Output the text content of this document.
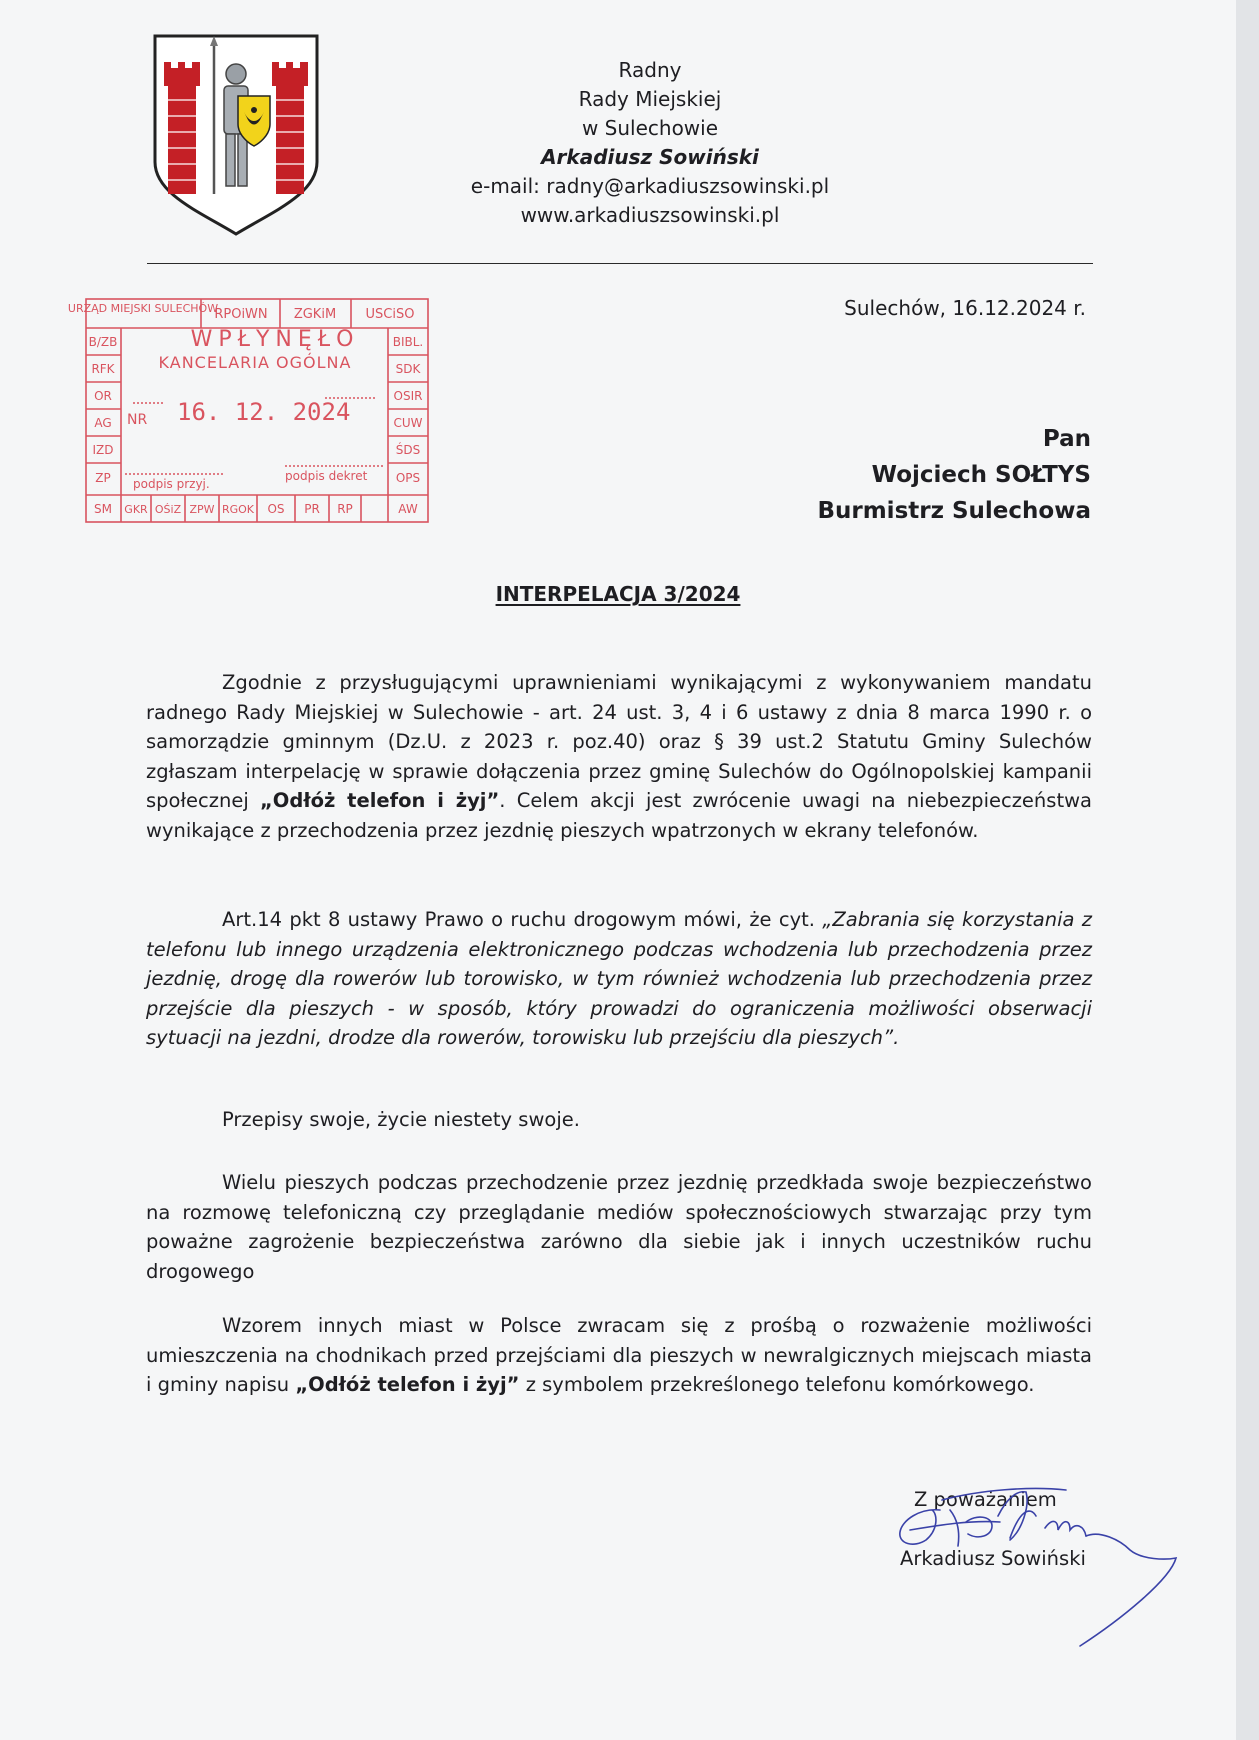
Radny
Rady Miejskiej
w Sulechowie
Arkadiusz Sowiński
e-mail: radny@arkadiuszsowinski.pl
www.arkadiuszsowinski.pl
URZĄD MIEJSKI SULECHÓW
RPOiWN ZGKiM USCiSO
B/ZB
RFK
OR
AG
IZD
ZP
SM
BIBL.
SDK
OSIR
CUW
ŚDS
OPS
AW
GKR OŚiZ ZPW RGOK OS PR RP
WPŁYNĘŁO
KANCELARIA OGÓLNA
NR 16. 12. 2024
podpis przyj.
podpis dekret
Sulechów, 16.12.2024 r.
Pan
Wojciech SOŁTYS
Burmistrz Sulechowa
INTERPELACJA 3/2024

Zgodnie z przysługującymi uprawnieniami wynikającymi z wykonywaniem mandatu radnego Rady Miejskiej w Sulechowie - art. 24 ust. 3, 4 i 6 ustawy z dnia 8 marca 1990 r. o samorządzie gminnym (Dz.U. z 2023 r. poz.40) oraz § 39 ust.2 Statutu Gminy Sulechów zgłaszam interpelację w sprawie dołączenia przez gminę Sulechów do Ogólnopolskiej kampanii społecznej „Odłóż telefon i żyj”. Celem akcji jest zwrócenie uwagi na niebezpieczeństwa wynikające z przechodzenia przez jezdnię pieszych wpatrzonych w ekrany telefonów.

Art.14 pkt 8 ustawy Prawo o ruchu drogowym mówi, że cyt. „Zabrania się korzystania z telefonu lub innego urządzenia elektronicznego podczas wchodzenia lub przechodzenia przez jezdnię, drogę dla rowerów lub torowisko, w tym również wchodzenia lub przechodzenia przez przejście dla pieszych - w sposób, który prowadzi do ograniczenia możliwości obserwacji sytuacji na jezdni, drodze dla rowerów, torowisku lub przejściu dla pieszych”.

Przepisy swoje, życie niestety swoje.

Wielu pieszych podczas przechodzenie przez jezdnię przedkłada swoje bezpieczeństwo na rozmowę telefoniczną czy przeglądanie mediów społecznościowych stwarzając przy tym poważne zagrożenie bezpieczeństwa zarówno dla siebie jak i innych uczestników ruchu drogowego

Wzorem innych miast w Polsce zwracam się z prośbą o rozważenie możliwości umieszczenia na chodnikach przed przejściami dla pieszych w newralgicznych miejscach miasta i gminy napisu „Odłóż telefon i żyj” z symbolem przekreślonego telefonu komórkowego.

Z poważaniem
Arkadiusz Sowiński
